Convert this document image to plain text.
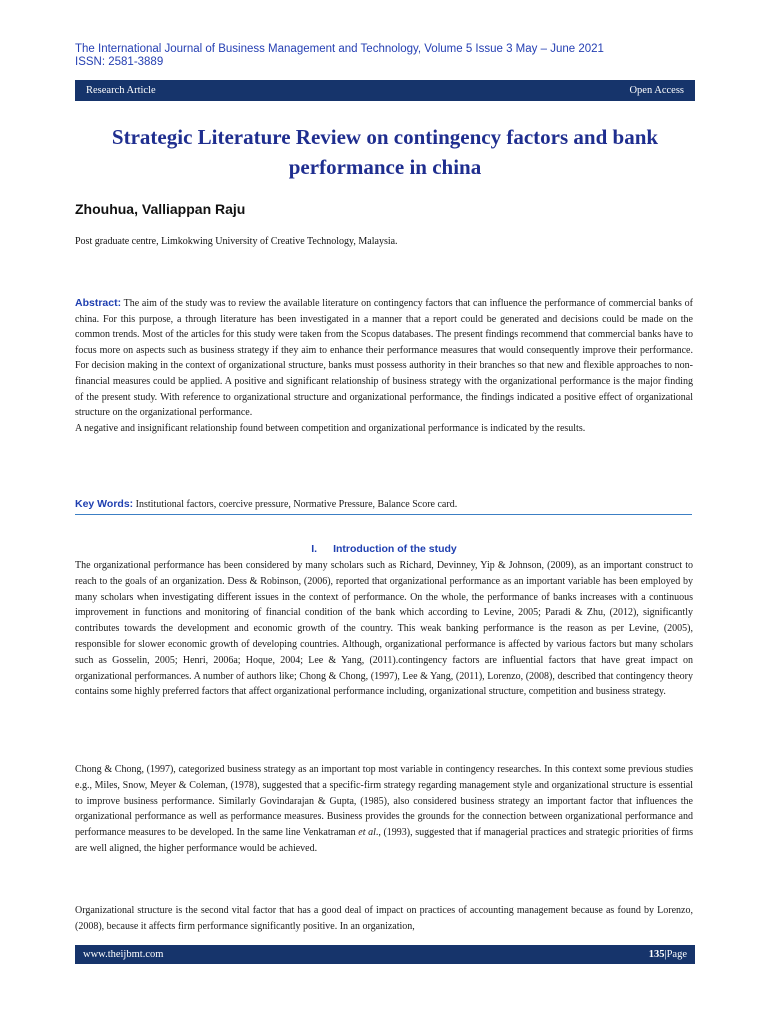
The International Journal of Business Management and Technology, Volume 5 Issue 3 May – June 2021
ISSN: 2581-3889
Research Article	Open Access
Strategic Literature Review on contingency factors and bank performance in china

Zhouhua, Valliappan Raju

Post graduate centre, Limkokwing University of Creative Technology, Malaysia.

Abstract: The aim of the study was to review the available literature on contingency factors that can influence the performance of commercial banks of china. For this purpose, a through literature has been investigated in a manner that a report could be generated and decisions could be made on the common trends. Most of the articles for this study were taken from the Scopus databases. The present findings recommend that commercial banks have to focus more on aspects such as business strategy if they aim to enhance their performance measures that would consequently improve their performance. For decision making in the context of organizational structure, banks must possess authority in their branches so that new and flexible approaches to non-financial measures could be applied. A positive and significant relationship of business strategy with the organizational performance is the major finding of the present study. With reference to organizational structure and organizational performance, the findings indicated a positive effect of organizational structure on the organizational performance.

A negative and insignificant relationship found between competition and organizational performance is indicated by the results.

Key Words: Institutional factors, coercive pressure, Normative Pressure, Balance Score card.

I. Introduction of the study

The organizational performance has been considered by many scholars such as Richard, Devinney, Yip & Johnson, (2009), as an important construct to reach to the goals of an organization. Dess & Robinson, (2006), reported that organizational performance as an important variable has been employed by many scholars when investigating different issues in the context of performance. On the whole, the performance of banks increases with a continuous improvement in functions and monitoring of financial condition of the bank which according to Levine, 2005; Paradi & Zhu, (2012), significantly contributes towards the development and economic growth of the country. This weak banking performance is the reason as per Levine, (2005), responsible for slower economic growth of developing countries. Although, organizational performance is affected by various factors but many scholars such as Gosselin, 2005; Henri, 2006a; Hoque, 2004; Lee & Yang, (2011).contingency factors are influential factors that have great impact on organizational performances. A number of authors like; Chong & Chong, (1997), Lee & Yang, (2011), Lorenzo, (2008), described that contingency theory contains some highly preferred factors that affect organizational performance including, organizational structure, competition and business strategy.

Chong & Chong, (1997), categorized business strategy as an important top most variable in contingency researches. In this context some previous studies e.g., Miles, Snow, Meyer & Coleman, (1978), suggested that a specific-firm strategy regarding management style and organizational structure is essential to improve business performance. Similarly Govindarajan & Gupta, (1985), also considered business strategy an important factor that influences the organizational performance as well as performance measures. Business provides the grounds for the connection between organizational performance and performance measures to be developed. In the same line Venkatraman et al., (1993), suggested that if managerial practices and strategic priorities of firms are well aligned, the higher performance would be achieved.

Organizational structure is the second vital factor that has a good deal of impact on practices of accounting management because as found by Lorenzo, (2008), because it affects firm performance significantly positive. In an organization,

www.theijbmt.com	135|Page
